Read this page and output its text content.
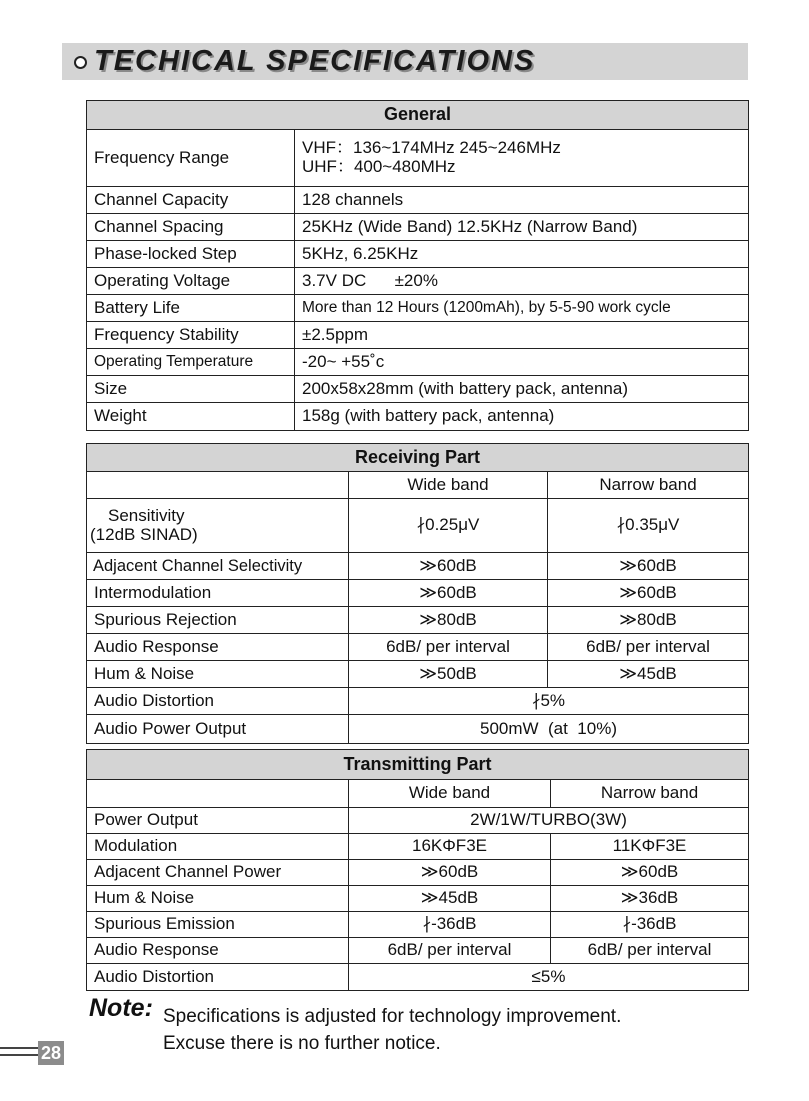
TECHICAL SPECIFICATIONS
General	
Frequency Range	VHF：136~174MHz 245~246MHz
UHF：400~480MHz

Channel Capacity	128 channels
Channel Spacing	25KHz (Wide Band) 12.5KHz (Narrow Band)
Phase-locked Step	5KHz, 6.25KHz
Operating Voltage	3.7V DC      ±20%
Battery Life	More than 12 Hours (1200mAh), by 5-5-90 work cycle
Frequency Stability	±2.5ppm
Operating Temperature	-20~ +55˚с
Size	200x58x28mm (with battery pack, antenna)
Weight	158g (with battery pack, antenna)
Receiving Part		
	Wide band	Narrow band

Sensitivity
(12dB SINAD)	∤0.25μV	∤0.35μV
Adjacent Channel Selectivity	≫60dB	≫60dB
Intermodulation	≫60dB	≫60dB
Spurious Rejection	≫80dB	≫80dB
Audio Response	6dB/ per interval	6dB/ per interval
Hum & Noise	≫50dB	≫45dB
Audio Distortion	∤5%	
Audio Power Output	500mW  (at  10%)	
Transmitting Part		
	Wide band	Narrow band
Power Output	2W/1W/TURBO(3W)	
Modulation	16KΦF3E	11KΦF3E
Adjacent Channel Power	≫60dB	≫60dB
Hum & Noise	≫45dB	≫36dB
Spurious Emission	∤-36dB	∤-36dB
Audio Response	6dB/ per interval	6dB/ per interval
Audio Distortion	≤5%	
Note: Specifications is adjusted for technology improvement.
Excuse there is no further notice.
28
